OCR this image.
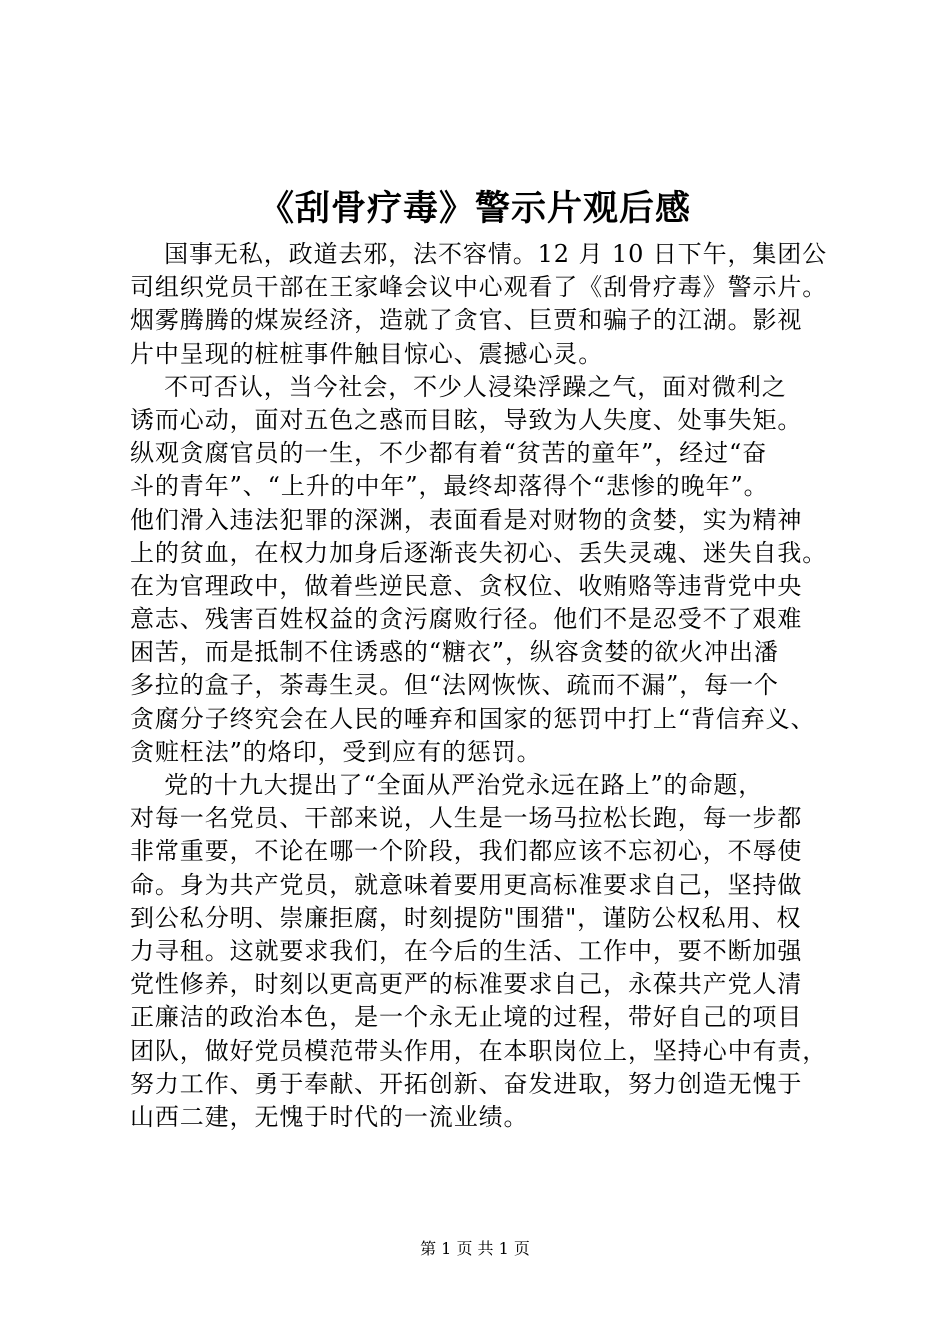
《刮骨疗毒》警示片观后感
国事无私，政道去邪，法不容情。12 月 10 日下午，集团公
司组织党员干部在王家峰会议中心观看了《刮骨疗毒》警示片。
烟雾腾腾的煤炭经济，造就了贪官、巨贾和骗子的江湖。影视
片中呈现的桩桩事件触目惊心、震撼心灵。
不可否认，当今社会，不少人浸染浮躁之气，面对微利之
诱而心动，面对五色之惑而目眩，导致为人失度、处事失矩。
纵观贪腐官员的一生，不少都有着“贫苦的童年”，经过“奋
斗的青年”、“上升的中年”，最终却落得个“悲惨的晚年”。
他们滑入违法犯罪的深渊，表面看是对财物的贪婪，实为精神
上的贫血，在权力加身后逐渐丧失初心、丢失灵魂、迷失自我。
在为官理政中，做着些逆民意、贪权位、收贿赂等违背党中央
意志、残害百姓权益的贪污腐败行径。他们不是忍受不了艰难
困苦，而是抵制不住诱惑的“糖衣”，纵容贪婪的欲火冲出潘
多拉的盒子，荼毒生灵。但“法网恢恢、疏而不漏”，每一个
贪腐分子终究会在人民的唾弃和国家的惩罚中打上“背信弃义、
贪赃枉法”的烙印，受到应有的惩罚。
党的十九大提出了“全面从严治党永远在路上”的命题，
对每一名党员、干部来说，人生是一场马拉松长跑，每一步都
非常重要，不论在哪一个阶段，我们都应该不忘初心，不辱使
命。身为共产党员，就意味着要用更高标准要求自己，坚持做
到公私分明、崇廉拒腐，时刻提防"围猎"，谨防公权私用、权
力寻租。这就要求我们，在今后的生活、工作中，要不断加强
党性修养，时刻以更高更严的标准要求自己，永葆共产党人清
正廉洁的政治本色，是一个永无止境的过程，带好自己的项目
团队，做好党员模范带头作用，在本职岗位上，坚持心中有责，
努力工作、勇于奉献、开拓创新、奋发进取，努力创造无愧于
山西二建，无愧于时代的一流业绩。
第 1 页 共 1 页
